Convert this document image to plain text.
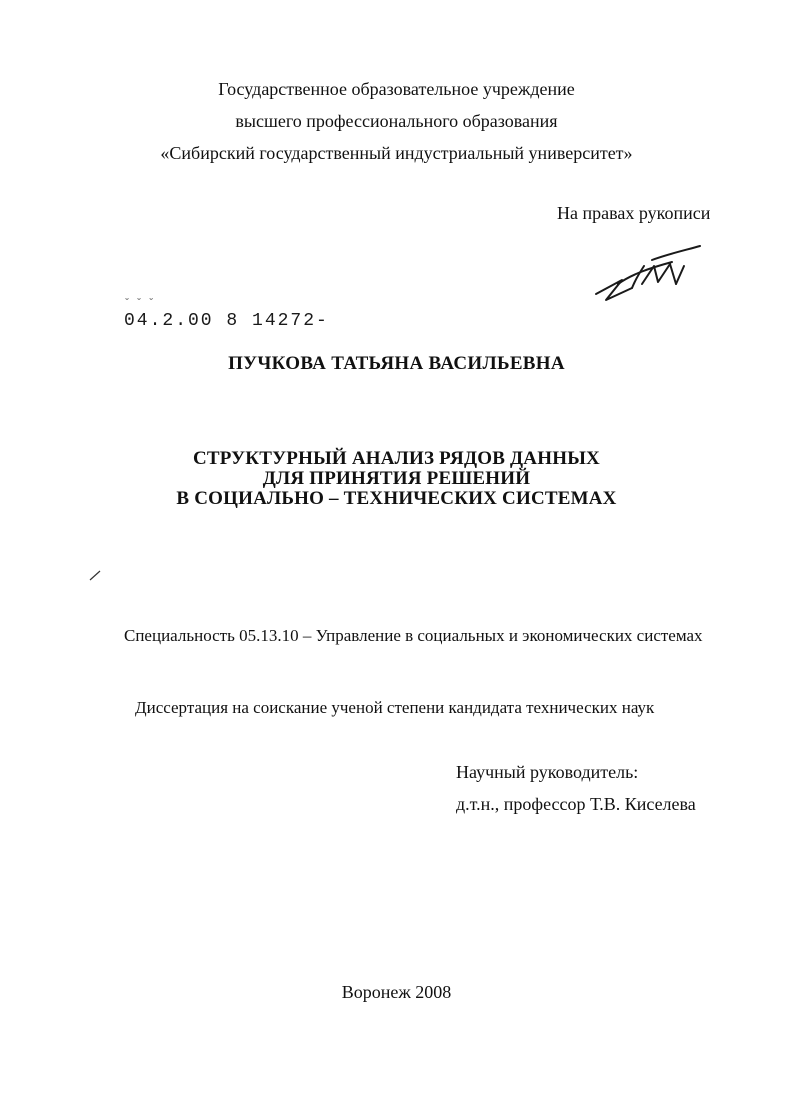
Государственное образовательное учреждение
высшего профессионального образования
«Сибирский государственный индустриальный университет»
На правах рукописи
˘ ˘ ˘
04.2.00 8 14272-
ПУЧКОВА ТАТЬЯНА ВАСИЛЬЕВНА
СТРУКТУРНЫЙ АНАЛИЗ РЯДОВ ДАННЫХ
ДЛЯ ПРИНЯТИЯ РЕШЕНИЙ
В СОЦИАЛЬНО – ТЕХНИЧЕСКИХ СИСТЕМАХ
Специальность 05.13.10 – Управление в социальных и экономических системах
Диссертация на соискание ученой степени кандидата технических наук
Научный руководитель:
д.т.н., профессор Т.В. Киселева
Воронеж 2008
